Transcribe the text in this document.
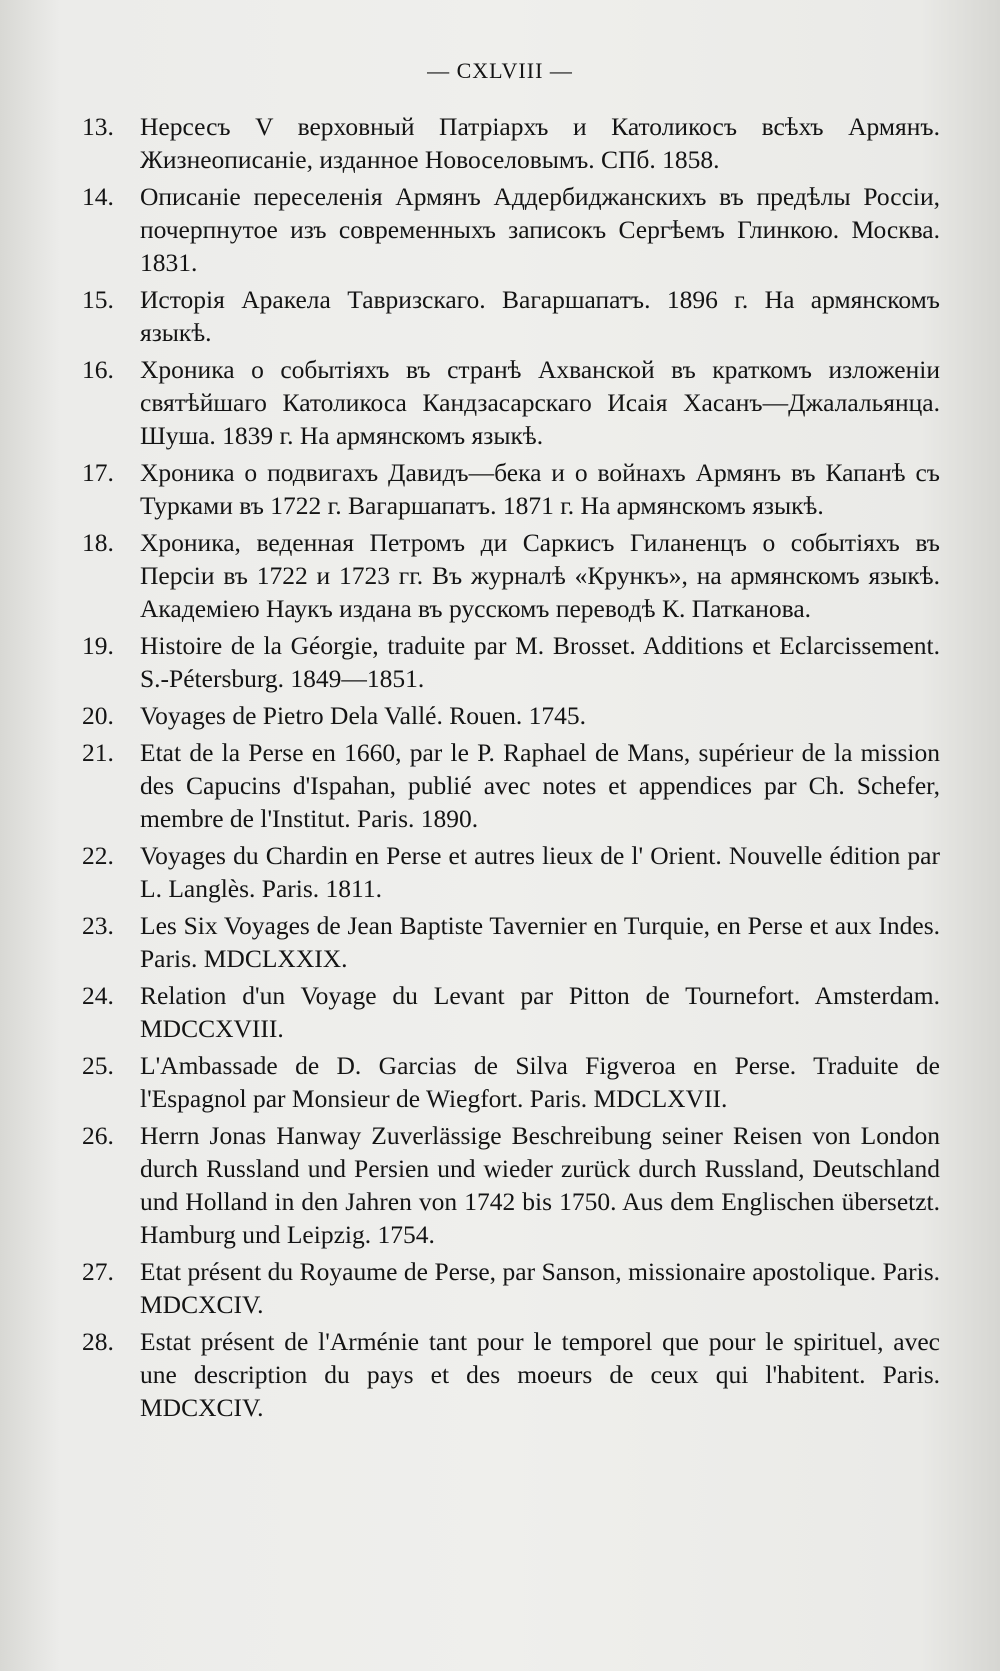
— CXLVIII —
13.	Нерсесъ V верховный Патріархъ и Католикосъ всѣхъ Армянъ. Жизнеописаніе, изданное Новоселовымъ. СПб. 1858.
14.	Описаніе переселенія Армянъ Аддербиджанскихъ въ предѣлы Россіи, почерпнутое изъ современныхъ записокъ Сергѣемъ Глинкою. Москва. 1831.
15.	Исторія Аракела Тавризскаго. Вагаршапатъ. 1896 г. На армянскомъ языкѣ.
16.	Хроника о событіяхъ въ странѣ Ахванской въ краткомъ изложеніи святѣйшаго Католикоса Кандзасарскаго Исаія Хасанъ—Джалальянца. Шуша. 1839 г. На армянскомъ языкѣ.
17.	Хроника о подвигахъ Давидъ—бека и о войнахъ Армянъ въ Капанѣ съ Турками въ 1722 г. Вагаршапатъ. 1871 г. На армянскомъ языкѣ.
18.	Хроника, веденная Петромъ ди Саркисъ Гиланенцъ о событіяхъ въ Персіи въ 1722 и 1723 гг. Въ журналѣ «Крункъ», на армянскомъ языкѣ. Академіею Наукъ издана въ русскомъ переводѣ К. Патканова.
19.	Histoire de la Géorgie, traduite par M. Brosset. Additions et Eclarcissement. S.-Pétersburg. 1849—1851.
20.	Voyages de Pietro Dela Vallé. Rouen. 1745.
21.	Etat de la Perse en 1660, par le P. Raphael de Mans, supérieur de la mission des Capucins d'Ispahan, publié avec notes et appendices par Ch. Schefer, membre de l'Institut. Paris. 1890.
22.	Voyages du Chardin en Perse et autres lieux de l' Orient. Nouvelle édition par L. Langlès. Paris. 1811.
23.	Les Six Voyages de Jean Baptiste Tavernier en Turquie, en Perse et aux Indes. Paris. MDCLXXIX.
24.	Relation d'un Voyage du Levant par Pitton de Tournefort. Amsterdam. MDCCXVIII.
25.	L'Ambassade de D. Garcias de Silva Figveroa en Perse. Traduite de l'Espagnol par Monsieur de Wiegfort. Paris. MDCLXVII.
26.	Herrn Jonas Hanway Zuverlässige Beschreibung seiner Reisen von London durch Russland und Persien und wieder zurück durch Russland, Deutschland und Holland in den Jahren von 1742 bis 1750. Aus dem Englischen übersetzt. Hamburg und Leipzig. 1754.
27.	Etat présent du Royaume de Perse, par Sanson, missionaire apostolique. Paris. MDCXCIV.
28.	Estat présent de l'Arménie tant pour le temporel que pour le spirituel, avec une description du pays et des moeurs de ceux qui l'habitent. Paris. MDCXCIV.
